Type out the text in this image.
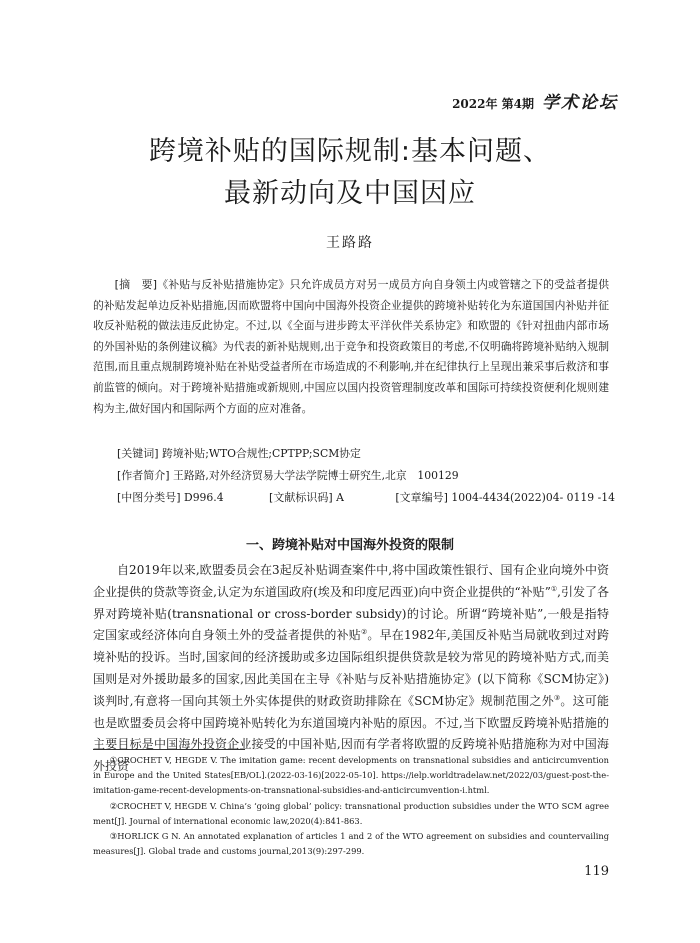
2022年 第4期 学术论坛
跨境补贴的国际规制:基本问题、
最新动向及中国因应
王路路

[摘　要]《补贴与反补贴措施协定》只允许成员方对另一成员方向自身领土内或管辖之下的受益者提供的补贴发起单边反补贴措施,因而欧盟将中国向中国海外投资企业提供的跨境补贴转化为东道国国内补贴并征收反补贴税的做法违反此协定。不过,以《全面与进步跨太平洋伙伴关系协定》和欧盟的《针对扭曲内部市场的外国补贴的条例建议稿》为代表的新补贴规则,出于竞争和投资政策目的考虑,不仅明确将跨境补贴纳入规制范围,而且重点规制跨境补贴在补贴受益者所在市场造成的不利影响,并在纪律执行上呈现出兼采事后救济和事前监管的倾向。对于跨境补贴措施或新规则,中国应以国内投资管理制度改革和国际可持续投资便利化规则建构为主,做好国内和国际两个方面的应对准备。

[关键词] 跨境补贴;WTO合规性;CPTPP;SCM协定
[作者简介] 王路路,对外经济贸易大学法学院博士研究生,北京　100129
[中图分类号] D996.4	[文献标识码] A	[文章编号] 1004-4434(2022)04- 0119 -14
一、跨境补贴对中国海外投资的限制

自2019年以来,欧盟委员会在3起反补贴调查案件中,将中国政策性银行、国有企业向境外中资企业提供的贷款等资金,认定为东道国政府(埃及和印度尼西亚)向中资企业提供的“补贴”①,引发了各界对跨境补贴(transnational or cross-border subsidy)的讨论。所谓“跨境补贴”,一般是指特定国家或经济体向自身领土外的受益者提供的补贴②。早在1982年,美国反补贴当局就收到过对跨境补贴的投诉。当时,国家间的经济援助或多边国际组织提供贷款是较为常见的跨境补贴方式,而美国则是对外援助最多的国家,因此美国在主导《补贴与反补贴措施协定》(以下简称《SCM协定》)谈判时,有意将一国向其领土外实体提供的财政资助排除在《SCM协定》规制范围之外③。这可能也是欧盟委员会将中国跨境补贴转化为东道国境内补贴的原因。不过,当下欧盟反跨境补贴措施的主要目标是中国海外投资企业接受的中国补贴,因而有学者将欧盟的反跨境补贴措施称为对中国海外投资

①CROCHET V, HEGDE V. The imitation game: recent developments on transnational subsidies and anticircumvention in Europe and the United States[EB/OL].(2022-03-16)[2022-05-10]. https://ielp.worldtradelaw.net/2022/03/guest-post-the-imitation-game-recent-developments-on-transnational-subsidies-and-anticircumvention-i.html.

②CROCHET V, HEGDE V. China’s ‘going global’ policy: transnational production subsidies under the WTO SCM agreement[J]. Journal of international economic law,2020(4):841-863.

③HORLICK G N. An annotated explanation of articles 1 and 2 of the WTO agreement on subsidies and countervailing measures[J]. Global trade and customs journal,2013(9):297-299.

119
